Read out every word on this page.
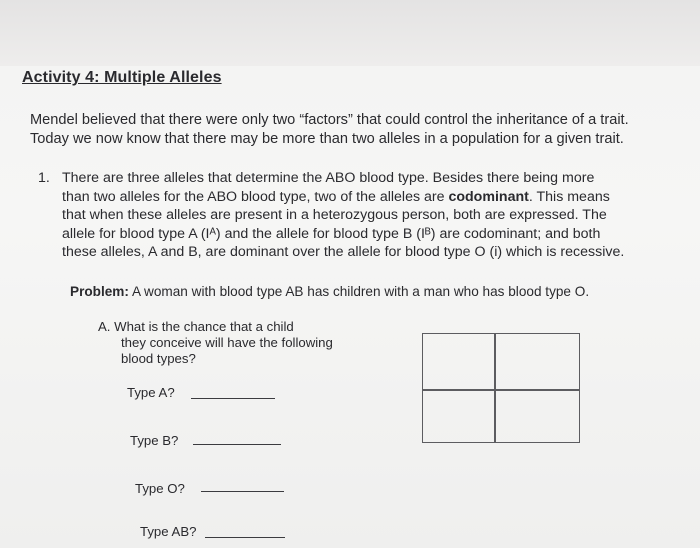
Activity 4: Multiple Alleles
Mendel believed that there were only two “factors” that could control the inheritance of a trait.
Today we now know that there may be more than two alleles in a population for a given trait.
1. There are three alleles that determine the ABO blood type. Besides there being more
than two alleles for the ABO blood type, two of the alleles are codominant. This means
that when these alleles are present in a heterozygous person, both are expressed. The
allele for blood type A (Iᴬ) and the allele for blood type B (Iᴮ) are codominant; and both
these alleles, A and B, are dominant over the allele for blood type O (i) which is recessive.
Problem: A woman with blood type AB has children with a man who has blood type O.
A. What is the chance that a child
they conceive will have the following
blood types?
Type A?
Type B?
Type O?
Type AB?
